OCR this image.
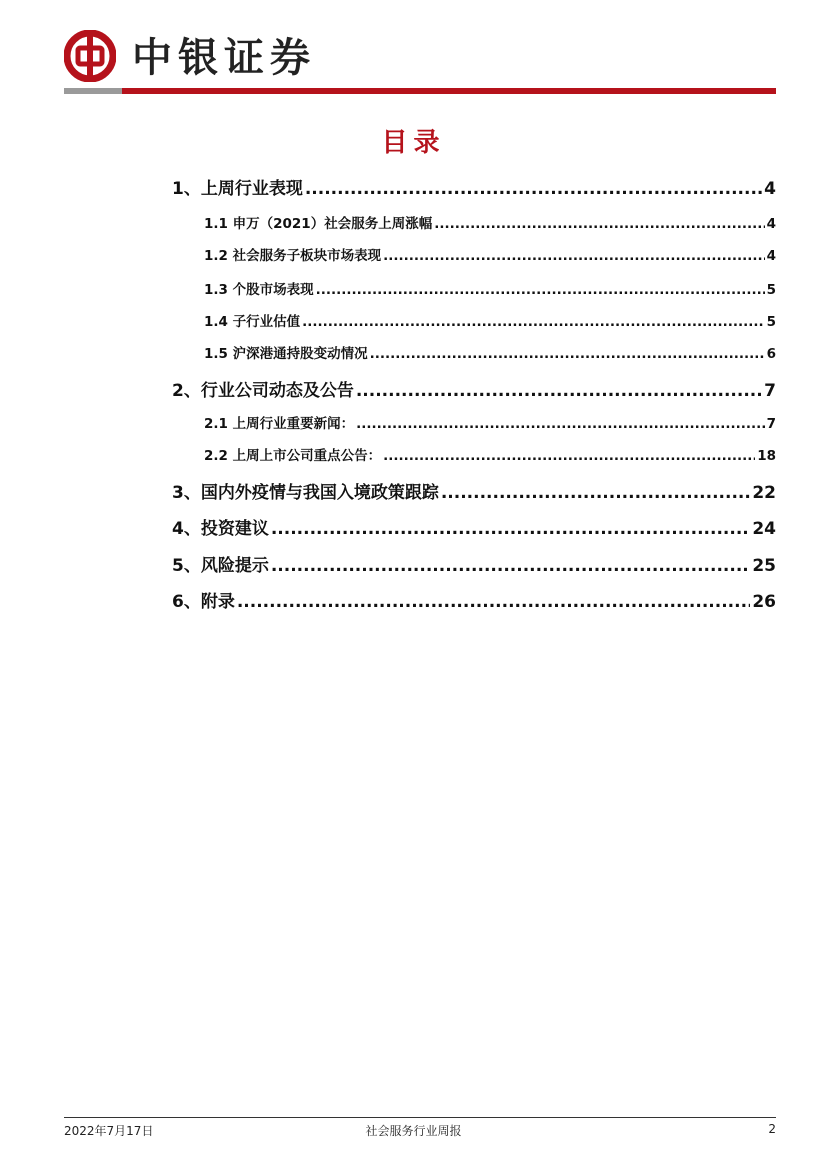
中银证券
目录
1、上周行业表现 .....	4
1.1 申万（2021）社会服务上周涨幅 .....	4
1.2 社会服务子板块市场表现 .....	4
1.3 个股市场表现 .....	5
1.4 子行业估值 .....	5
1.5 沪深港通持股变动情况 .....	6
2、行业公司动态及公告 .....	7
2.1 上周行业重要新闻： .....	7
2.2 上周上市公司重点公告： .....	18
3、国内外疫情与我国入境政策跟踪 .....	22
4、投资建议 .....	24
5、风险提示 .....	25
6、附录 .....	26
2022年7月17日	社会服务行业周报	2
